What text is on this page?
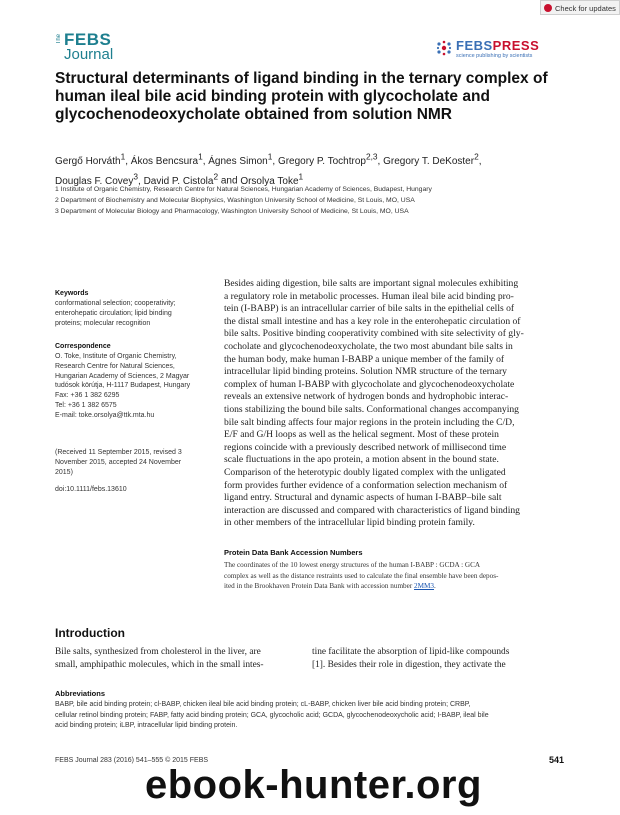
Check for updates
The FEBS
Journal
FEBSPRESS
science publishing by scientists
Structural determinants of ligand binding in the ternary complex of human ileal bile acid binding protein with glycocholate and glycochenodeoxycholate obtained from solution NMR
Gergő Horváth$^1$, Ákos Bencsura$^1$, Ágnes Simon$^1$, Gregory P. Tochtrop$^{2,3}$, Gregory T. DeKoster$^2$,
Douglas F. Covey$^3$, David P. Cistola$^2$ and Orsolya Toke$^1$
1 Institute of Organic Chemistry, Research Centre for Natural Sciences, Hungarian Academy of Sciences, Budapest, Hungary
2 Department of Biochemistry and Molecular Biophysics, Washington University School of Medicine, St Louis, MO, USA
3 Department of Molecular Biology and Pharmacology, Washington University School of Medicine, St Louis, MO, USA
Keywords
conformational selection; cooperativity;
enterohepatic circulation; lipid binding
proteins; molecular recognition
Correspondence
O. Toke, Institute of Organic Chemistry,
Research Centre for Natural Sciences,
Hungarian Academy of Sciences, 2 Magyar
tudósok körútja, H-1117 Budapest, Hungary
Fax: +36 1 382 6295
Tel: +36 1 382 6575
E-mail: toke.orsolya@ttk.mta.hu
(Received 11 September 2015, revised 3
November 2015, accepted 24 November
2015)
doi:10.1111/febs.13610
Besides aiding digestion, bile salts are important signal molecules exhibiting
a regulatory role in metabolic processes. Human ileal bile acid binding pro-
tein (I-BABP) is an intracellular carrier of bile salts in the epithelial cells of
the distal small intestine and has a key role in the enterohepatic circulation of
bile salts. Positive binding cooperativity combined with site selectivity of gly-
cocholate and glycochenodeoxycholate, the two most abundant bile salts in
the human body, make human I-BABP a unique member of the family of
intracellular lipid binding proteins. Solution NMR structure of the ternary
complex of human I-BABP with glycocholate and glycochenodeoxycholate
reveals an extensive network of hydrogen bonds and hydrophobic interac-
tions stabilizing the bound bile salts. Conformational changes accompanying
bile salt binding affects four major regions in the protein including the C/D,
E/F and G/H loops as well as the helical segment. Most of these protein
regions coincide with a previously described network of millisecond time
scale fluctuations in the apo protein, a motion absent in the bound state.
Comparison of the heterotypic doubly ligated complex with the unligated
form provides further evidence of a conformation selection mechanism of
ligand entry. Structural and dynamic aspects of human I-BABP–bile salt
interaction are discussed and compared with characteristics of ligand binding
in other members of the intracellular lipid binding protein family.
Protein Data Bank Accession Numbers
The coordinates of the 10 lowest energy structures of the human I-BABP : GCDA : GCA
complex as well as the distance restraints used to calculate the final ensemble have been depos-
ited in the Brookhaven Protein Data Bank with accession number 2MM3.
Introduction
Bile salts, synthesized from cholesterol in the liver, are
small, amphipathic molecules, which in the small intes-
tine facilitate the absorption of lipid-like compounds
[1]. Besides their role in digestion, they activate the
Abbreviations
BABP, bile acid binding protein; cl-BABP, chicken ileal bile acid binding protein; cL-BABP, chicken liver bile acid binding protein; CRBP,
cellular retinol binding protein; FABP, fatty acid binding protein; GCA, glycocholic acid; GCDA, glycochenodeoxycholic acid; I-BABP, ileal bile
acid binding protein; iLBP, intracellular lipid binding protein.
FEBS Journal 283 (2016) 541–555 © 2015 FEBS	541
ebook-hunter.org
